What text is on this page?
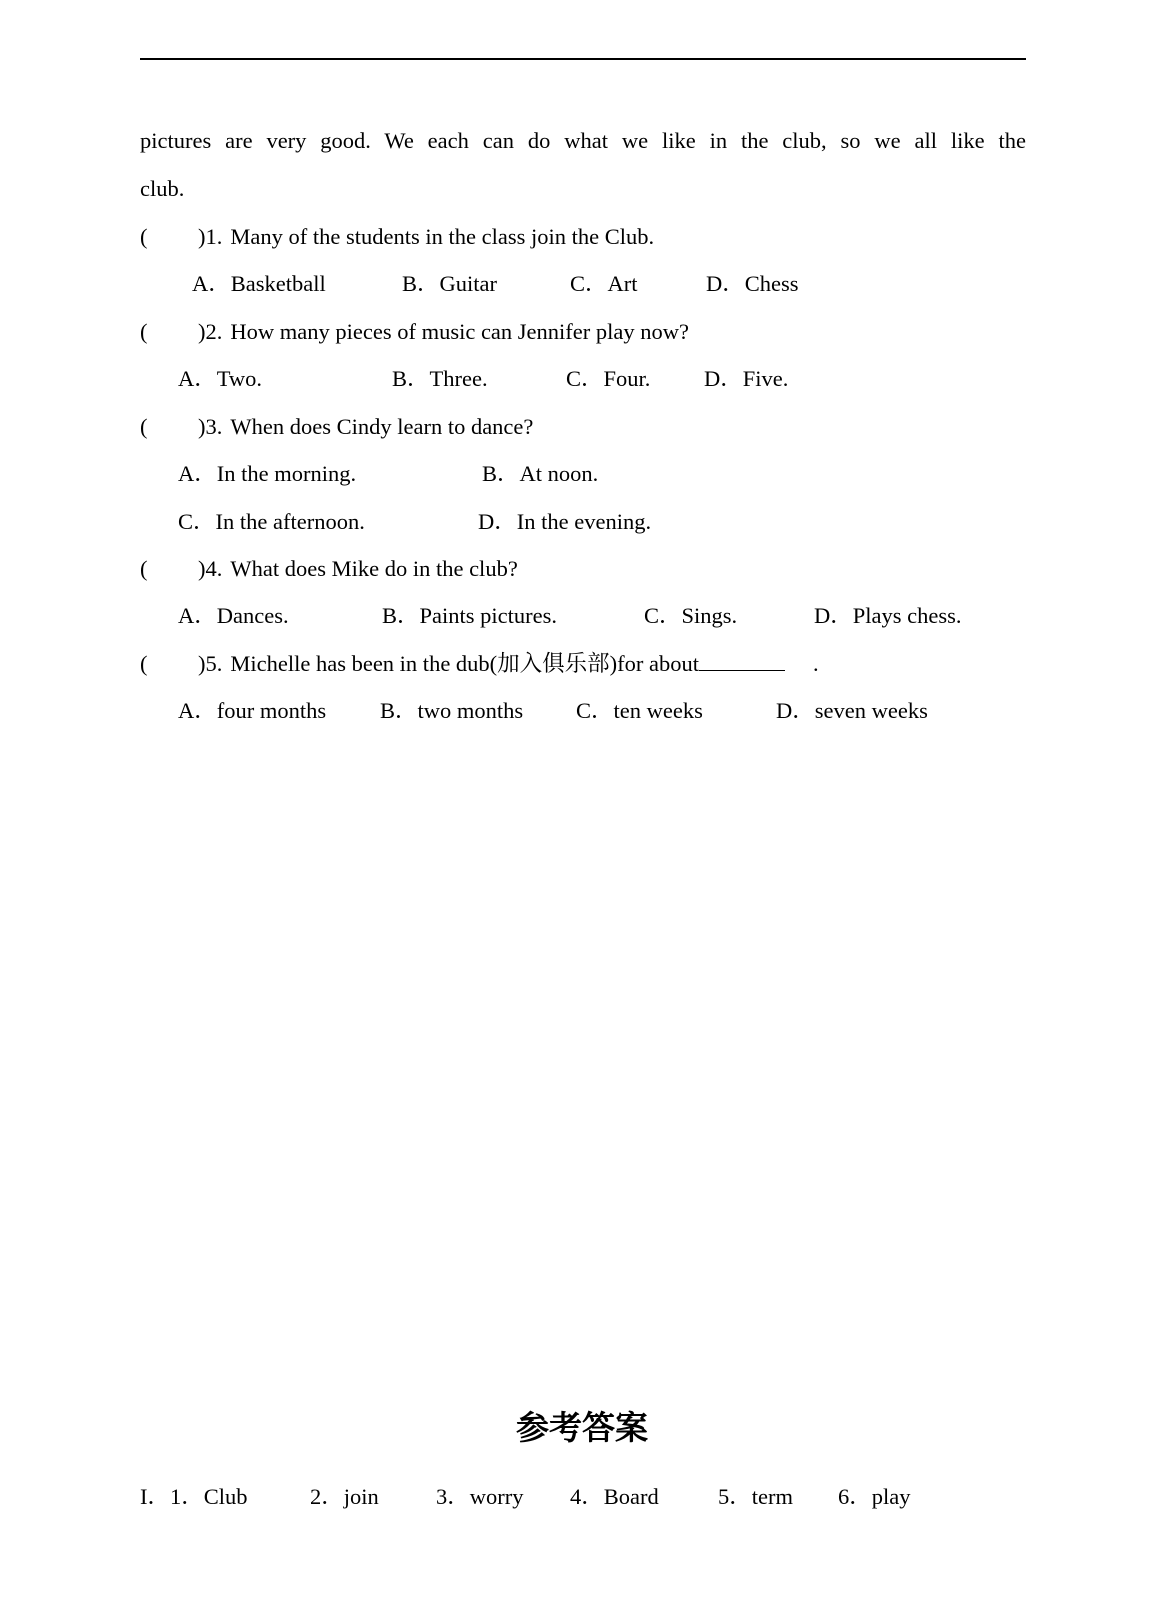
pictures are very good. We each can do what we like in the club, so we all like the
club.
( )1. Many of the students in the class join the Club.
A．Basketball	B．Guitar	C．Art	D．Chess
( )2. How many pieces of music can Jennifer play now?
A．Two.	B．Three.	C．Four. D．Five.
( )3. When does Cindy learn to dance?
A．In the morning.	B．At noon.
C．In the afternoon.	D．In the evening.
( )4. What does Mike do in the club?
A．Dances.	B．Paints pictures.	C．Sings.	D．Plays chess.
( )5. Michelle has been in the dub(加入俱乐部)for about	.
A．four months B．two months C．ten weeks	D．seven weeks
参考答案
I．1．Club	2．join	3．worry 4．Board	5．term 6．play
